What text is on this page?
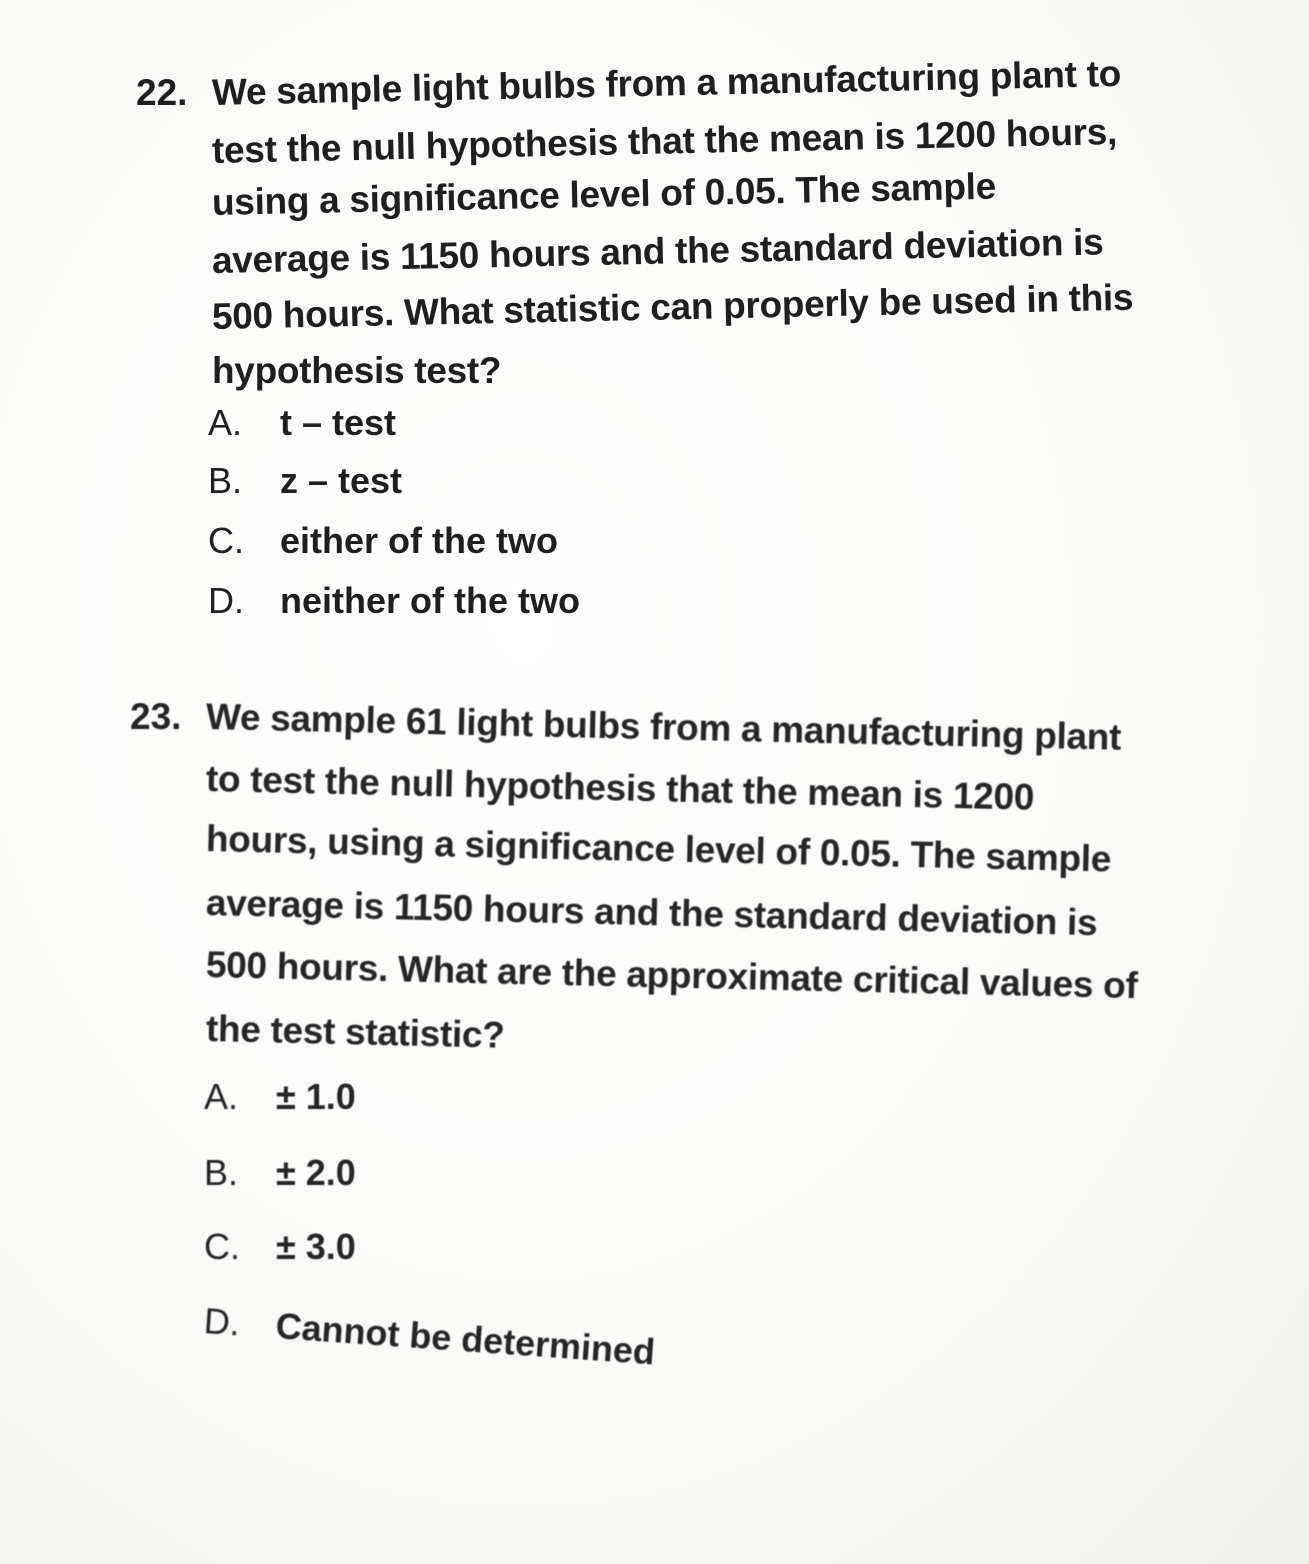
22. We sample light bulbs from a manufacturing plant to
test the null hypothesis that the mean is 1200 hours,
using a significance level of 0.05. The sample
average is 1150 hours and the standard deviation is
500 hours. What statistic can properly be used in this
hypothesis test?
A. t – test
B. z – test
C. either of the two
D. neither of the two
23. We sample 61 light bulbs from a manufacturing plant
to test the null hypothesis that the mean is 1200
hours, using a significance level of 0.05. The sample
average is 1150 hours and the standard deviation is
500 hours. What are the approximate critical values of
the test statistic?
A. ± 1.0
B. ± 2.0
C. ± 3.0
D. Cannot be determined
